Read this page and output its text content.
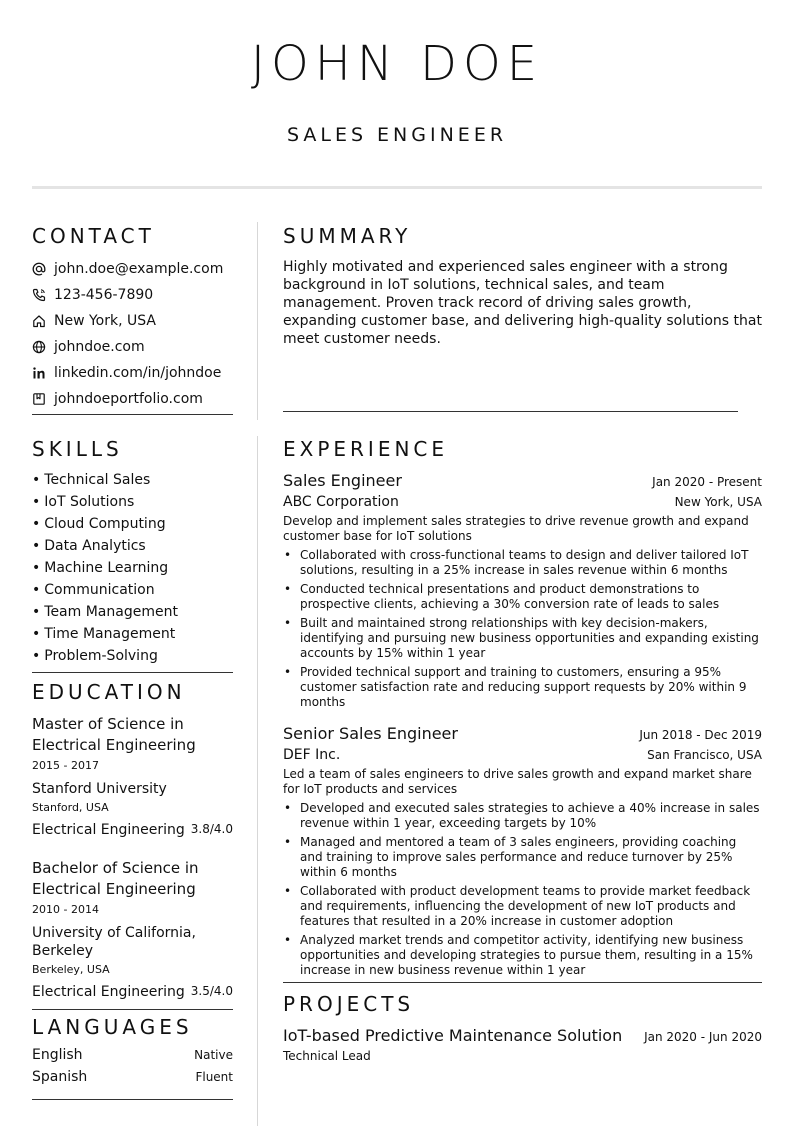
JOHN DOE
SALES ENGINEER
CONTACT
john.doe@example.com
123-456-7890
New York, USA
johndoe.com
linkedin.com/in/johndoe
johndoeportfolio.com
SKILLS
• Technical Sales
• IoT Solutions
• Cloud Computing
• Data Analytics
• Machine Learning
• Communication
• Team Management
• Time Management
• Problem-Solving
EDUCATION
Master of Science in Electrical Engineering
2015 - 2017
Stanford University
Stanford, USA
Electrical Engineering 3.8/4.0
Bachelor of Science in Electrical Engineering
2010 - 2014
University of California, Berkeley
Berkeley, USA
Electrical Engineering 3.5/4.0
LANGUAGES
English	Native
Spanish	Fluent
SUMMARY

Highly motivated and experienced sales engineer with a strong background in IoT solutions, technical sales, and team management. Proven track record of driving sales growth, expanding customer base, and delivering high-quality solutions that meet customer needs.

EXPERIENCE
Sales Engineer	Jan 2020 - Present
ABC Corporation	New York, USA
Develop and implement sales strategies to drive revenue growth and expand customer base for IoT solutions
• Collaborated with cross-functional teams to design and deliver tailored IoT solutions, resulting in a 25% increase in sales revenue within 6 months
• Conducted technical presentations and product demonstrations to prospective clients, achieving a 30% conversion rate of leads to sales
• Built and maintained strong relationships with key decision-makers, identifying and pursuing new business opportunities and expanding existing accounts by 15% within 1 year
• Provided technical support and training to customers, ensuring a 95% customer satisfaction rate and reducing support requests by 20% within 9 months
Senior Sales Engineer	Jun 2018 - Dec 2019
DEF Inc.	San Francisco, USA
Led a team of sales engineers to drive sales growth and expand market share for IoT products and services
• Developed and executed sales strategies to achieve a 40% increase in sales revenue within 1 year, exceeding targets by 10%
• Managed and mentored a team of 3 sales engineers, providing coaching and training to improve sales performance and reduce turnover by 25% within 6 months
• Collaborated with product development teams to provide market feedback and requirements, influencing the development of new IoT products and features that resulted in a 20% increase in customer adoption
• Analyzed market trends and competitor activity, identifying new business opportunities and developing strategies to pursue them, resulting in a 15% increase in new business revenue within 1 year
PROJECTS
IoT-based Predictive Maintenance Solution Jan 2020 - Jun 2020
Technical Lead
